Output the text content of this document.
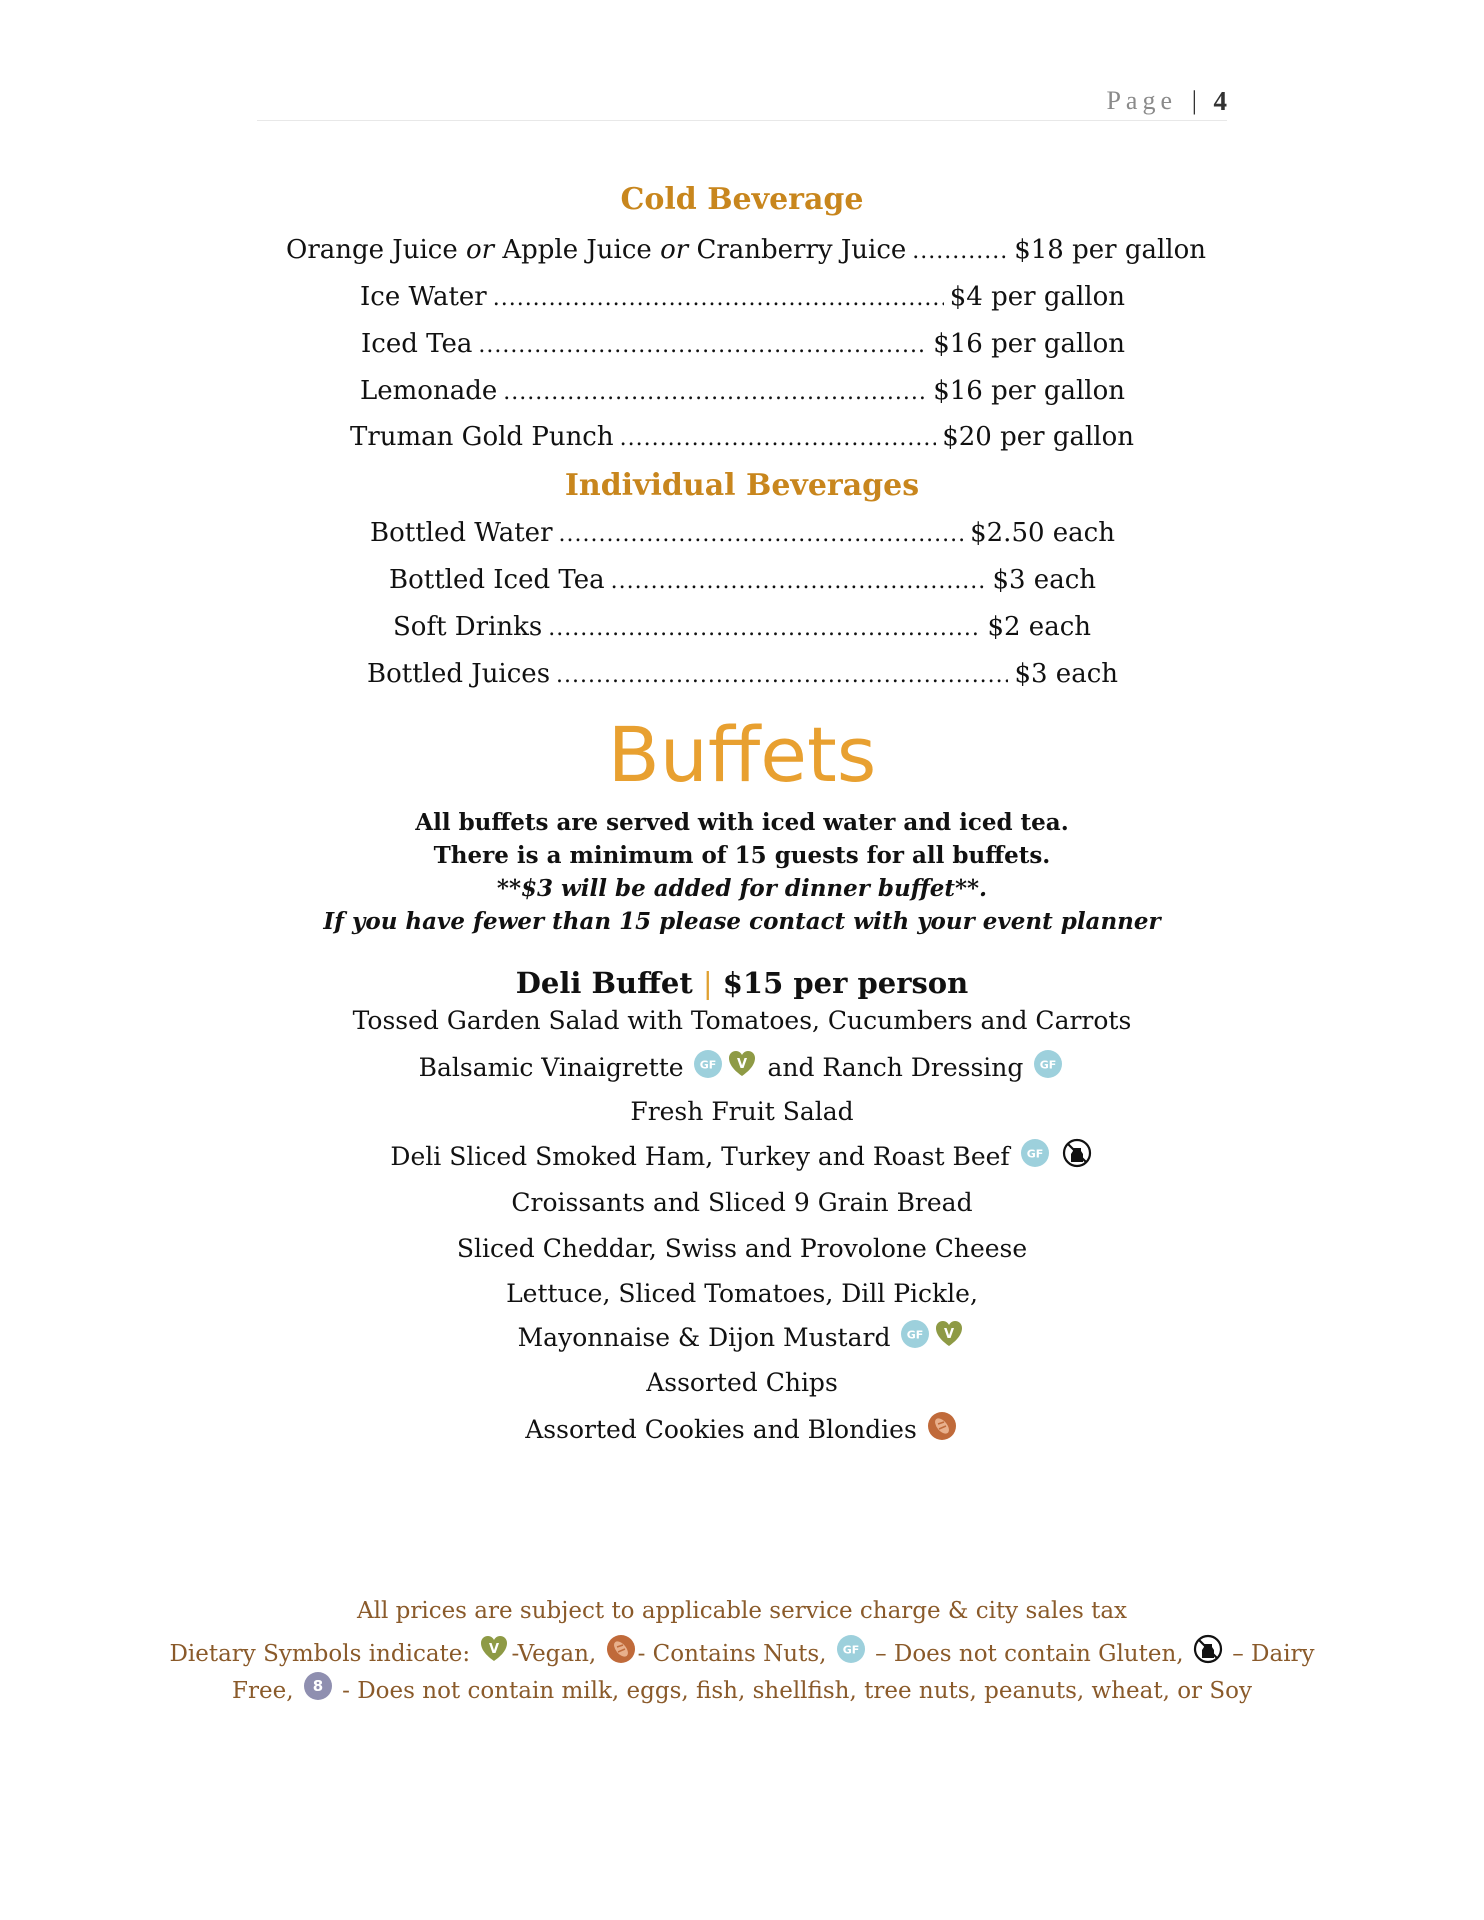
Page | 4
Cold Beverage
Orange Juice or Apple Juice or Cranberry Juice .....	$18 per gallon
Ice Water .....	$4 per gallon
Iced Tea .....	$16 per gallon
Lemonade .....	$16 per gallon
Truman Gold Punch .....	$20 per gallon
Individual Beverages
Bottled Water .....	$2.50 each
Bottled Iced Tea .....	$3 each
Soft Drinks .....	$2 each
Bottled Juices .....	$3 each
Buffets
All buffets are served with iced water and iced tea.
There is a minimum of 15 guests for all buffets.
**$3 will be added for dinner buffet**.
If you have fewer than 15 please contact with your event planner
Deli Buffet | $15 per person
Tossed Garden Salad with Tomatoes, Cucumbers and Carrots
Balsamic Vinaigrette GF V and Ranch Dressing GF
Fresh Fruit Salad
Deli Sliced Smoked Ham, Turkey and Roast Beef GF

Croissants and Sliced 9 Grain Bread
Sliced Cheddar, Swiss and Provolone Cheese
Lettuce, Sliced Tomatoes, Dill Pickle,
Mayonnaise & Dijon Mustard GF V
Assorted Chips
Assorted Cookies and Blondies
All prices are subject to applicable service charge & city sales tax
Dietary Symbols indicate: V -Vegan, - Contains Nuts, GF – Does not contain Gluten, – Dairy
Free, 8 - Does not contain milk, eggs, fish, shellfish, tree nuts, peanuts, wheat, or Soy
